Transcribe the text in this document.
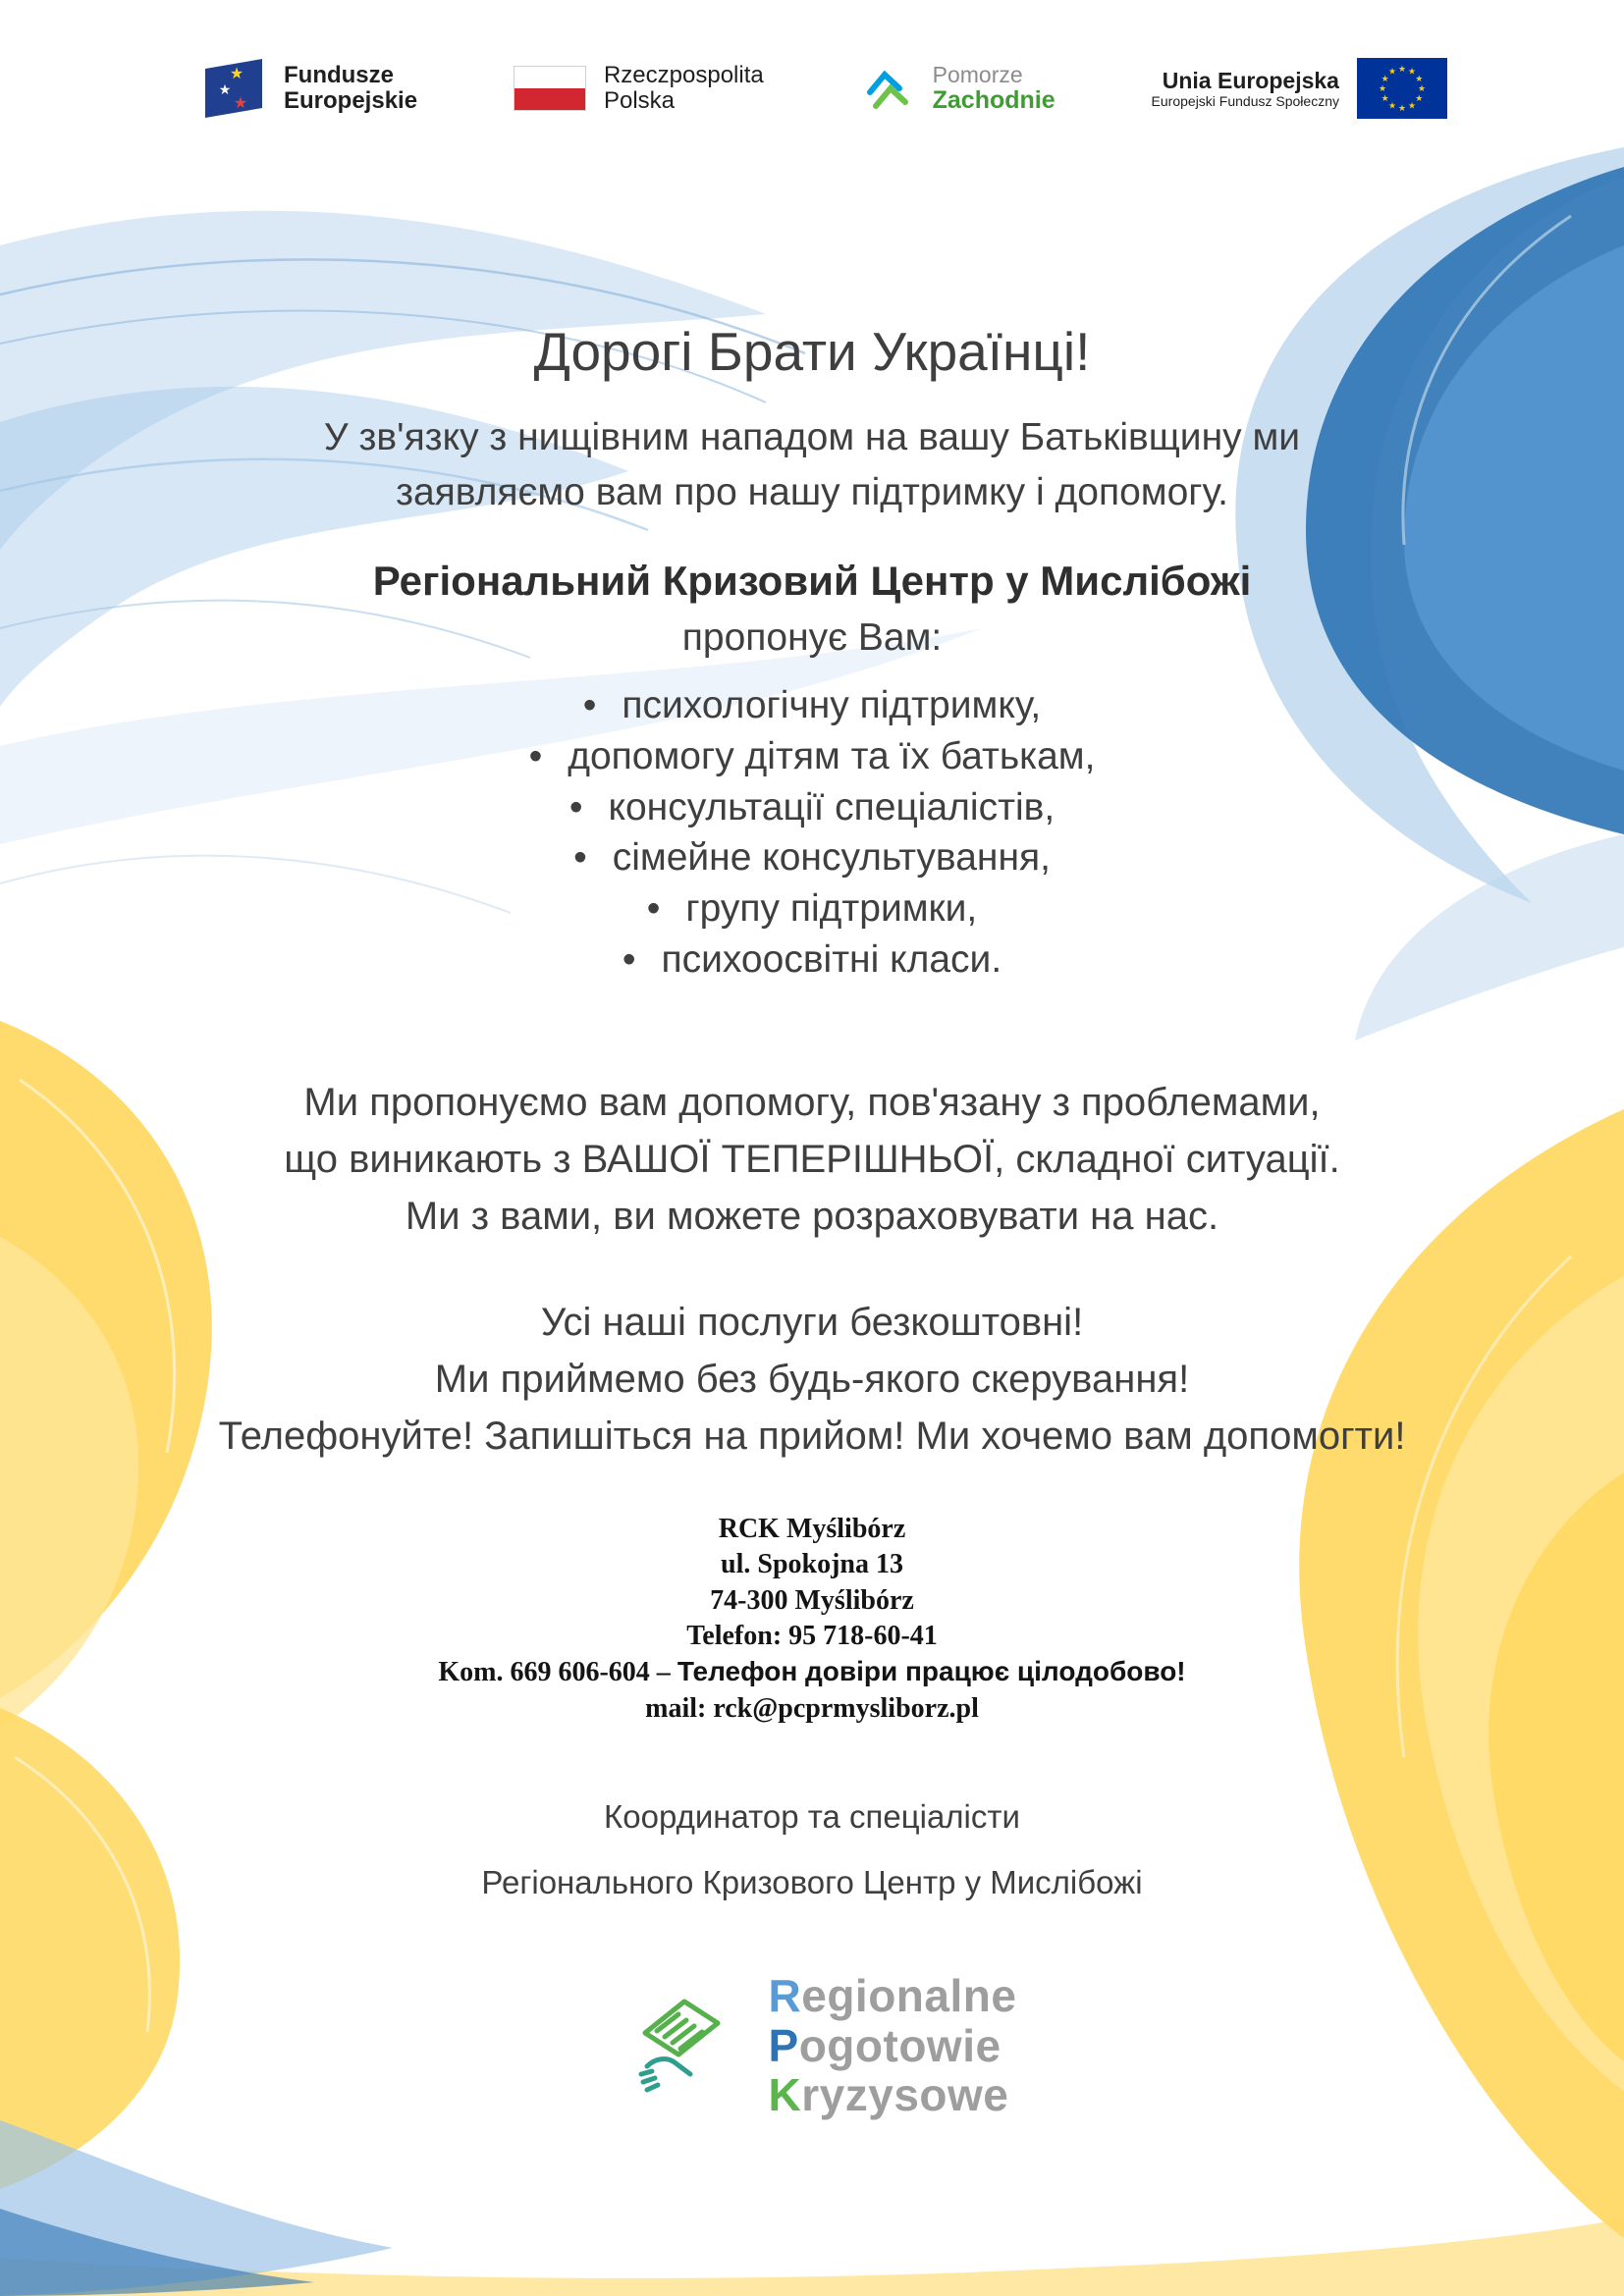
★
★
★
Fundusze
Europejskie
Rzeczpospolita
Polska
Pomorze
Zachodnie
Unia Europejska
Europejski Fundusz Społeczny
★ ★
★
★
★
★
★
★
★
★
★
★
Дорогі Брати Українці!

У зв'язку з нищівним нападом на вашу Батьківщину ми
заявляємо вам про нашу підтримку і допомогу.

Регіональний Кризовий Центр у Мислібожі

пропонує Вам:

• психологічну підтримку,
• допомогу дітям та їх батькам,
• консультації спеціалістів,
• сімейне консультування,
• групу підтримки,
• психоосвітні класи.

Ми пропонуємо вам допомогу, пов'язану з проблемами,
що виникають з ВАШОЇ ТЕПЕРІШНЬОЇ, складної ситуації.
Ми з вами, ви можете розраховувати на нас.

Усі наші послуги безкоштовні!
Ми приймемо без будь-якого скерування!
Телефонуйте! Запишіться на прийом! Ми хочемо вам допомогти!

RCK Myślibórz
ul. Spokojna 13
74-300 Myślibórz
Telefon: 95 718-60-41
Kom. 669 606-604 – Телефон довіри працює цілодобово!
mail: rck@pcprmysliborz.pl

Координатор та спеціалісти

Регіонального Кризового Центр у Мислібожі

Regionalne
Pogotowie
Kryzysowe
